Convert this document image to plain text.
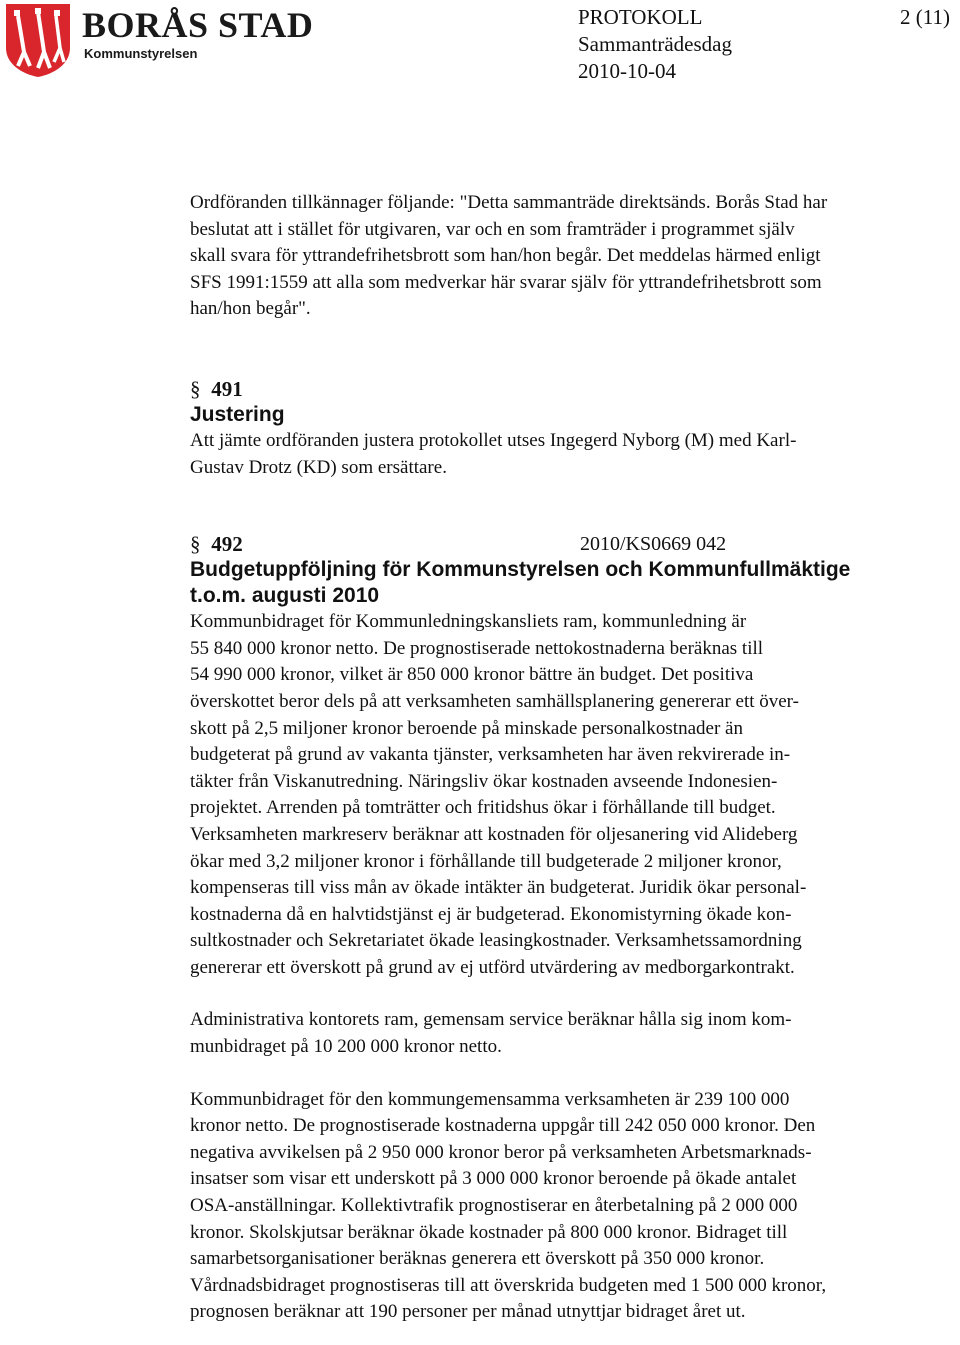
BORÅS STAD
Kommunstyrelsen
PROTOKOLL
Sammanträdesdag
2010-10-04
2 (11)

Ordföranden tillkännager följande: "Detta sammanträde direktsänds. Borås Stad har

beslutat att i stället för utgivaren, var och en som framträder i programmet själv

skall svara för yttrandefrihetsbrott som han/hon begår. Det meddelas härmed enligt

SFS 1991:1559 att alla som medverkar här svarar själv för yttrandefrihetsbrott som

han/hon begår".

§ 491
Justering

Att jämte ordföranden justera protokollet utses Ingegerd Nyborg (M) med Karl-

Gustav Drotz (KD) som ersättare.

§ 492	2010/KS0669 042
Budgetuppföljning för Kommunstyrelsen och Kommunfullmäktige
t.o.m. augusti 2010

Kommunbidraget för Kommunledningskansliets ram, kommunledning är

55 840 000 kronor netto. De prognostiserade nettokostnaderna beräknas till

54 990 000 kronor, vilket är 850 000 kronor bättre än budget. Det positiva

överskottet beror dels på att verksamheten samhällsplanering genererar ett över-

skott på 2,5 miljoner kronor beroende på minskade personalkostnader än

budgeterat på grund av vakanta tjänster, verksamheten har även rekvirerade in-

täkter från Viskanutredning. Näringsliv ökar kostnaden avseende Indonesien-

projektet. Arrenden på tomträtter och fritidshus ökar i förhållande till budget.

Verksamheten markreserv beräknar att kostnaden för oljesanering vid Alideberg

ökar med 3,2 miljoner kronor i förhållande till budgeterade 2 miljoner kronor,

kompenseras till viss mån av ökade intäkter än budgeterat. Juridik ökar personal-

kostnaderna då en halvtidstjänst ej är budgeterad. Ekonomistyrning ökade kon-

sultkostnader och Sekretariatet ökade leasingkostnader. Verksamhetssamordning

genererar ett överskott på grund av ej utförd utvärdering av medborgarkontrakt.

Administrativa kontorets ram, gemensam service beräknar hålla sig inom kom-

munbidraget på 10 200 000 kronor netto.

Kommunbidraget för den kommungemensamma verksamheten är 239 100 000

kronor netto. De prognostiserade kostnaderna uppgår till 242 050 000 kronor. Den

negativa avvikelsen på 2 950 000 kronor beror på verksamheten Arbetsmarknads-

insatser som visar ett underskott på 3 000 000 kronor beroende på ökade antalet

OSA-anställningar. Kollektivtrafik prognostiserar en återbetalning på 2 000 000

kronor. Skolskjutsar beräknar ökade kostnader på 800 000 kronor. Bidraget till

samarbetsorganisationer beräknas generera ett överskott på 350 000 kronor.

Vårdnadsbidraget prognostiseras till att överskrida budgeten med 1 500 000 kronor,

prognosen beräknar att 190 personer per månad utnyttjar bidraget året ut.
